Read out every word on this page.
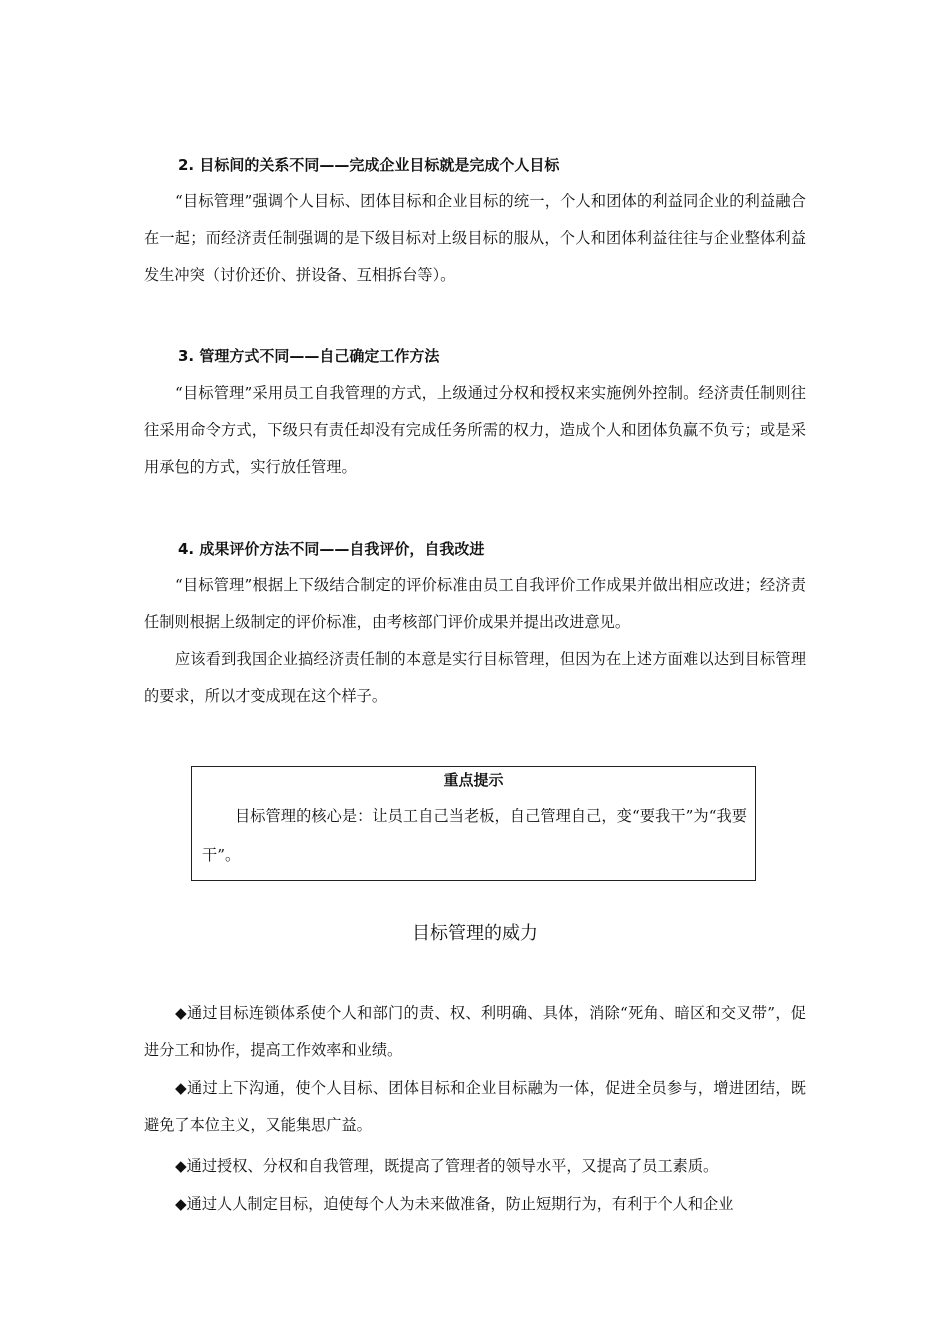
2. 目标间的关系不同——完成企业目标就是完成个人目标

“目标管理”强调个人目标、团体目标和企业目标的统一，个人和团体的利益同企业的利益融合在一起；而经济责任制强调的是下级目标对上级目标的服从，个人和团体利益往往与企业整体利益发生冲突（讨价还价、拼设备、互相拆台等）。

3. 管理方式不同——自己确定工作方法

“目标管理”采用员工自我管理的方式，上级通过分权和授权来实施例外控制。经济责任制则往往采用命令方式，下级只有责任却没有完成任务所需的权力，造成个人和团体负赢不负亏；或是采用承包的方式，实行放任管理。

4. 成果评价方法不同——自我评价，自我改进

“目标管理”根据上下级结合制定的评价标准由员工自我评价工作成果并做出相应改进；经济责任制则根据上级制定的评价标准，由考核部门评价成果并提出改进意见。

应该看到我国企业搞经济责任制的本意是实行目标管理，但因为在上述方面难以达到目标管理的要求，所以才变成现在这个样子。

重点提示

目标管理的核心是：让员工自己当老板，自己管理自己，变“要我干”为“我要干”。

目标管理的威力

◆通过目标连锁体系使个人和部门的责、权、利明确、具体，消除“死角、暗区和交叉带”，促进分工和协作，提高工作效率和业绩。

◆通过上下沟通，使个人目标、团体目标和企业目标融为一体，促进全员参与，增进团结，既避免了本位主义，又能集思广益。

◆通过授权、分权和自我管理，既提高了管理者的领导水平，又提高了员工素质。

◆通过人人制定目标，迫使每个人为未来做准备，防止短期行为，有利于个人和企业
